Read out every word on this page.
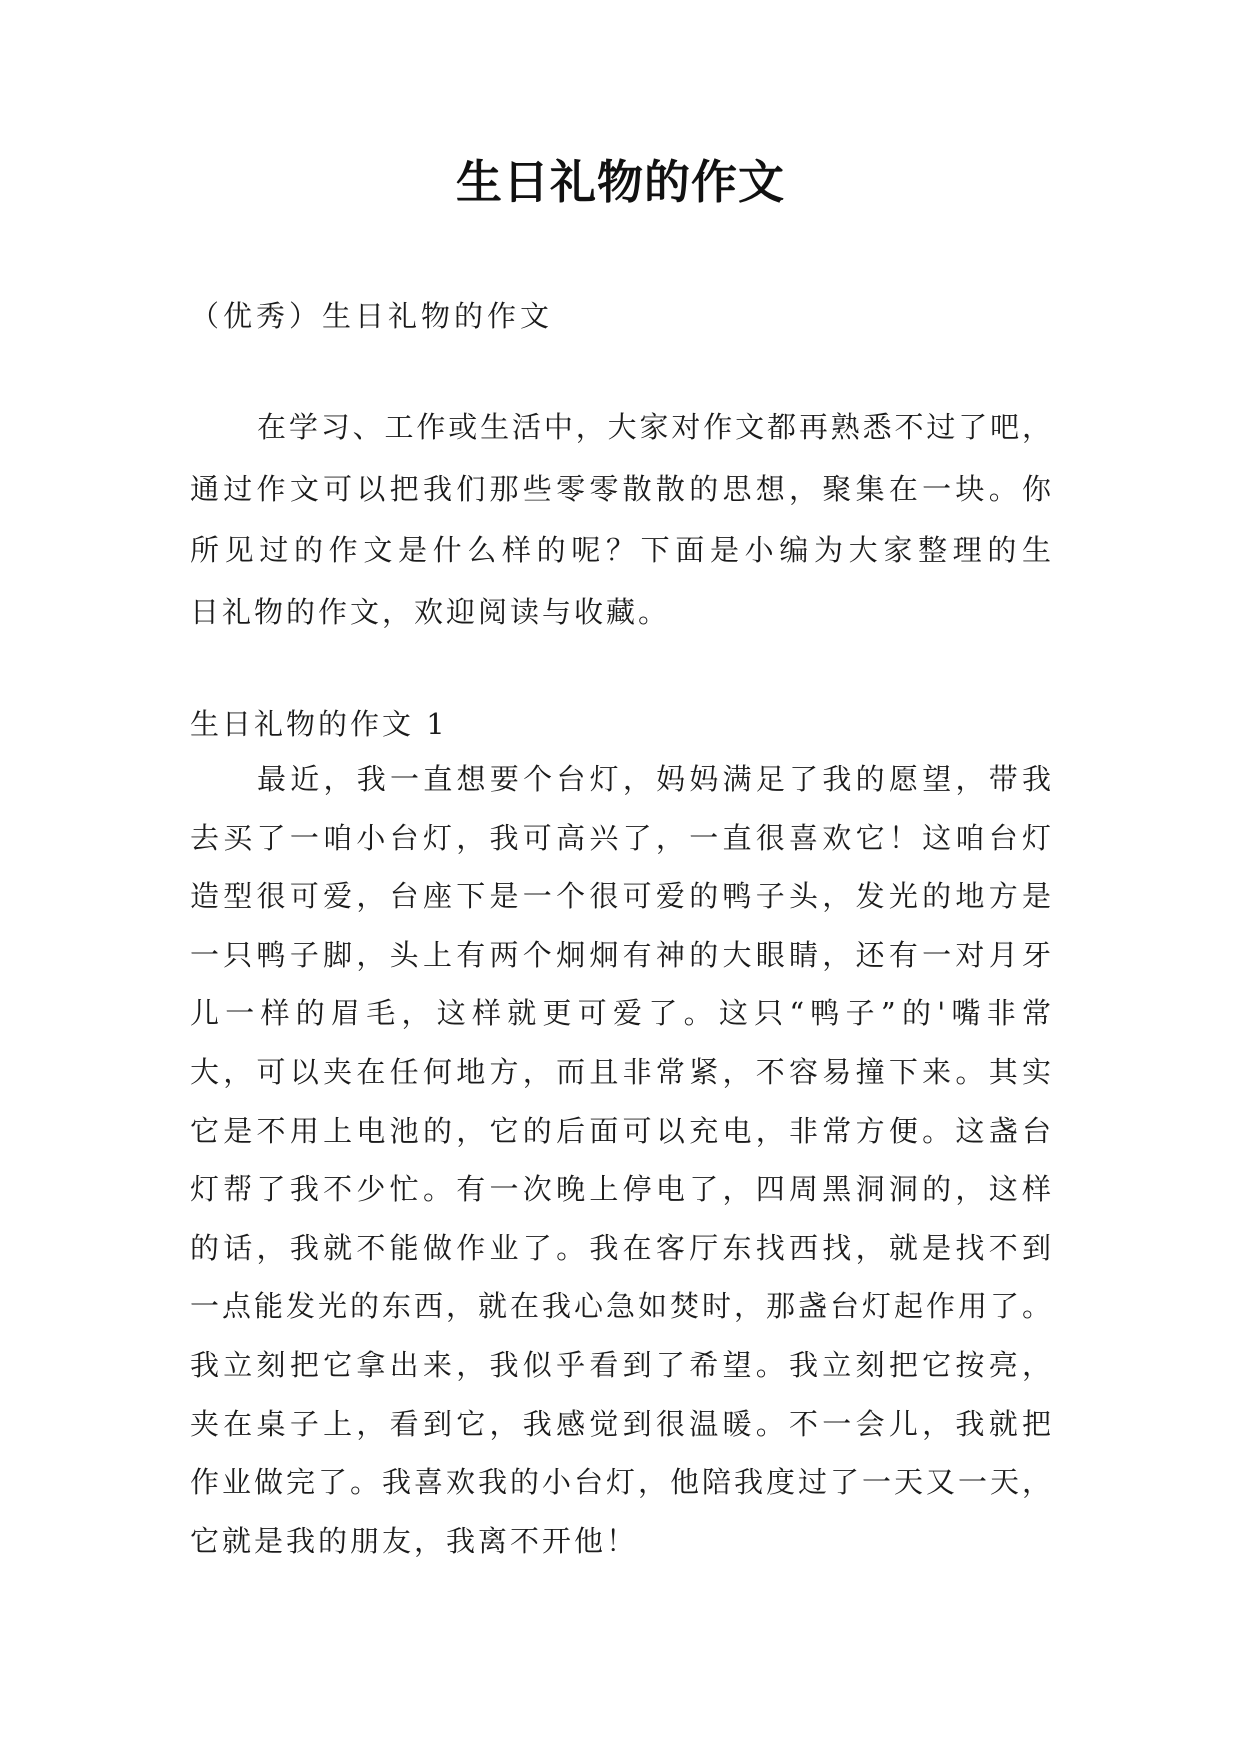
生日礼物的作文
（优秀）生日礼物的作文
在学习、工作或生活中，大家对作文都再熟悉不过了吧，
通过作文可以把我们那些零零散散的思想，聚集在一块。你
所见过的作文是什么样的呢？下面是小编为大家整理的生
日礼物的作文，欢迎阅读与收藏。
生日礼物的作文 1
最近，我一直想要个台灯，妈妈满足了我的愿望，带我
去买了一咱小台灯，我可高兴了，一直很喜欢它！这咱台灯
造型很可爱，台座下是一个很可爱的鸭子头，发光的地方是
一只鸭子脚，头上有两个炯炯有神的大眼睛，还有一对月牙
儿一样的眉毛，这样就更可爱了。这只“鸭子”的'嘴非常
大，可以夹在任何地方，而且非常紧，不容易撞下来。其实
它是不用上电池的，它的后面可以充电，非常方便。这盏台
灯帮了我不少忙。有一次晚上停电了，四周黑洞洞的，这样
的话，我就不能做作业了。我在客厅东找西找，就是找不到
一点能发光的东西，就在我心急如焚时，那盏台灯起作用了。
我立刻把它拿出来，我似乎看到了希望。我立刻把它按亮，
夹在桌子上，看到它，我感觉到很温暖。不一会儿，我就把
作业做完了。我喜欢我的小台灯，他陪我度过了一天又一天，
它就是我的朋友，我离不开他！
